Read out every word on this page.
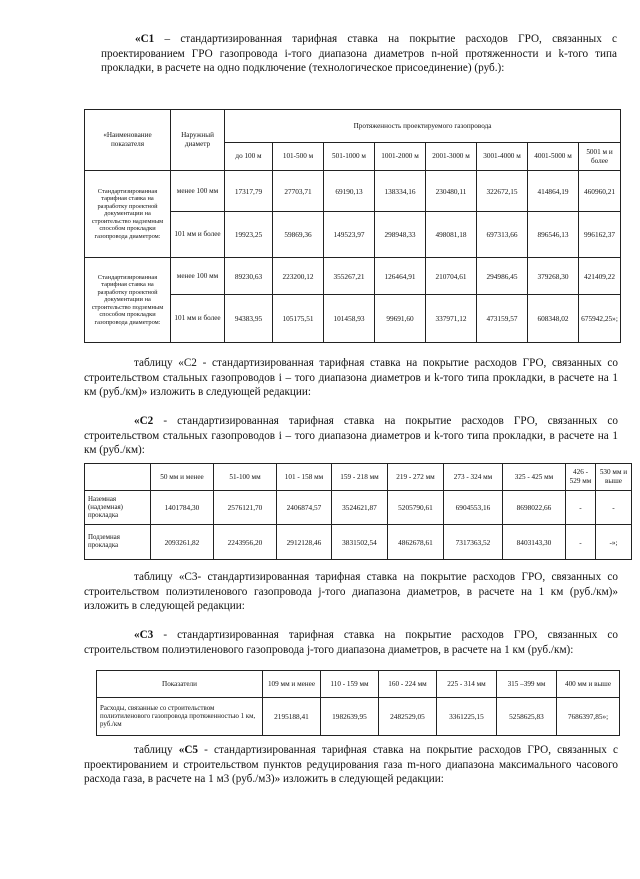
«С1 – стандартизированная тарифная ставка на покрытие расходов ГРО, связанных с проектированием ГРО газопровода i-того диапазона диаметров n-ной протяженности и k-того типа прокладки, в расчете на одно подключение (технологическое присоединение) (руб.):

«Наименование показателя	Наружный диаметр	Протяженность проектируемого газопровода							
		до 100 м	101-500 м	501-1000 м	1001-2000 м	2001-3000 м	3001-4000 м	4001-5000 м	5001 м и более
Стандартизированная тарифная ставка на разработку проектной документации на строительство надземным способом прокладки газопровода диаметром:	менее 100 мм	17317,79	27703,71	69190,13	138334,16	230480,11	322672,15	414864,19	460960,21
	101 мм и более	19923,25	59869,36	149523,97	298948,33	498081,18	697313,66	896546,13	996162,37
Стандартизированная тарифная ставка на разработку проектной документации на строительство подземным способом прокладки газопровода диаметром:	менее 100 мм	89230,63	223200,12	355267,21	126464,91	210704,61	294986,45	379268,30	421409,22
	101 мм и более	94383,95	105175,51	101458,93	99691,60	337971,12	473159,57	608348,02	675942,25»;

таблицу «С2 - стандартизированная тарифная ставка на покрытие расходов ГРО, связанных со строительством стальных газопроводов i – того диапазона диаметров и k-того типа прокладки, в расчете на 1 км (руб./км)» изложить в следующей редакции:

«С2 - стандартизированная тарифная ставка на покрытие расходов ГРО, связанных со строительством стальных газопроводов i – того диапазона диаметров и k-того типа прокладки, в расчете на 1 км (руб./км):

	50 мм и менее	51-100 мм	101 - 158 мм	159 - 218 мм	219 - 272 мм	273 - 324 мм	325 - 425 мм	426 - 529 мм	530 мм и выше
Наземная (надземная) прокладка	1401784,30	2576121,70	2406874,57	3524621,87	5205790,61	6904553,16	8698022,66	-	-
Подземная прокладка	2093261,82	2243956,20	2912128,46	3831502,54	4862678,61	7317363,52	8403143,30	-	-»;

таблицу «С3- стандартизированная тарифная ставка на покрытие расходов ГРО, связанных со строительством полиэтиленового газопровода j-того диапазона диаметров, в расчете на 1 км (руб./км)» изложить в следующей редакции:

«С3 - стандартизированная тарифная ставка на покрытие расходов ГРО, связанных со строительством полиэтиленового газопровода j-того диапазона диаметров, в расчете на 1 км (руб./км):

Показатели	109 мм и менее	110 - 159 мм	160 - 224 мм	225 - 314 мм	315 –399 мм	400 мм и выше
Расходы, связанные со строительством полиэтиленового газопровода протяженностью 1 км, руб./км	2195188,41	1982639,95	2482529,05	3361225,15	5258625,83	7686397,85»;

таблицу «С5 - стандартизированная тарифная ставка на покрытие расходов ГРО, связанных с проектированием и строительством пунктов редуцирования газа m-ного диапазона максимального часового расхода газа, в расчете на 1 м3 (руб./м3)» изложить в следующей редакции:
